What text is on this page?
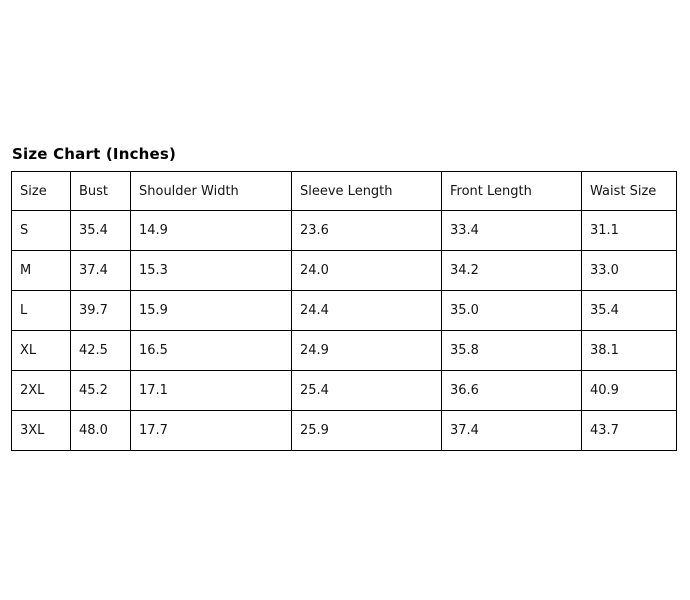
Size Chart (Inches)
Size	Bust	Shoulder Width	Sleeve Length	Front Length	Waist Size
S	35.4	14.9	23.6	33.4	31.1
M	37.4	15.3	24.0	34.2	33.0
L	39.7	15.9	24.4	35.0	35.4
XL	42.5	16.5	24.9	35.8	38.1
2XL	45.2	17.1	25.4	36.6	40.9
3XL	48.0	17.7	25.9	37.4	43.7
